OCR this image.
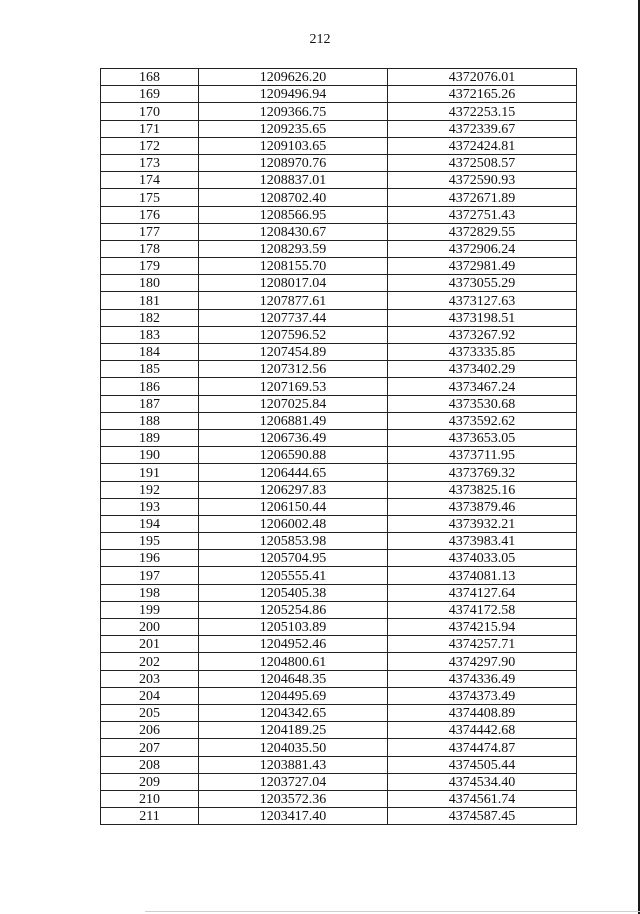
212
168	1209626.20	4372076.01
169	1209496.94	4372165.26
170	1209366.75	4372253.15
171	1209235.65	4372339.67
172	1209103.65	4372424.81
173	1208970.76	4372508.57
174	1208837.01	4372590.93
175	1208702.40	4372671.89
176	1208566.95	4372751.43
177	1208430.67	4372829.55
178	1208293.59	4372906.24
179	1208155.70	4372981.49
180	1208017.04	4373055.29
181	1207877.61	4373127.63
182	1207737.44	4373198.51
183	1207596.52	4373267.92
184	1207454.89	4373335.85
185	1207312.56	4373402.29
186	1207169.53	4373467.24
187	1207025.84	4373530.68
188	1206881.49	4373592.62
189	1206736.49	4373653.05
190	1206590.88	4373711.95
191	1206444.65	4373769.32
192	1206297.83	4373825.16
193	1206150.44	4373879.46
194	1206002.48	4373932.21
195	1205853.98	4373983.41
196	1205704.95	4374033.05
197	1205555.41	4374081.13
198	1205405.38	4374127.64
199	1205254.86	4374172.58
200	1205103.89	4374215.94
201	1204952.46	4374257.71
202	1204800.61	4374297.90
203	1204648.35	4374336.49
204	1204495.69	4374373.49
205	1204342.65	4374408.89
206	1204189.25	4374442.68
207	1204035.50	4374474.87
208	1203881.43	4374505.44
209	1203727.04	4374534.40
210	1203572.36	4374561.74
211	1203417.40	4374587.45
